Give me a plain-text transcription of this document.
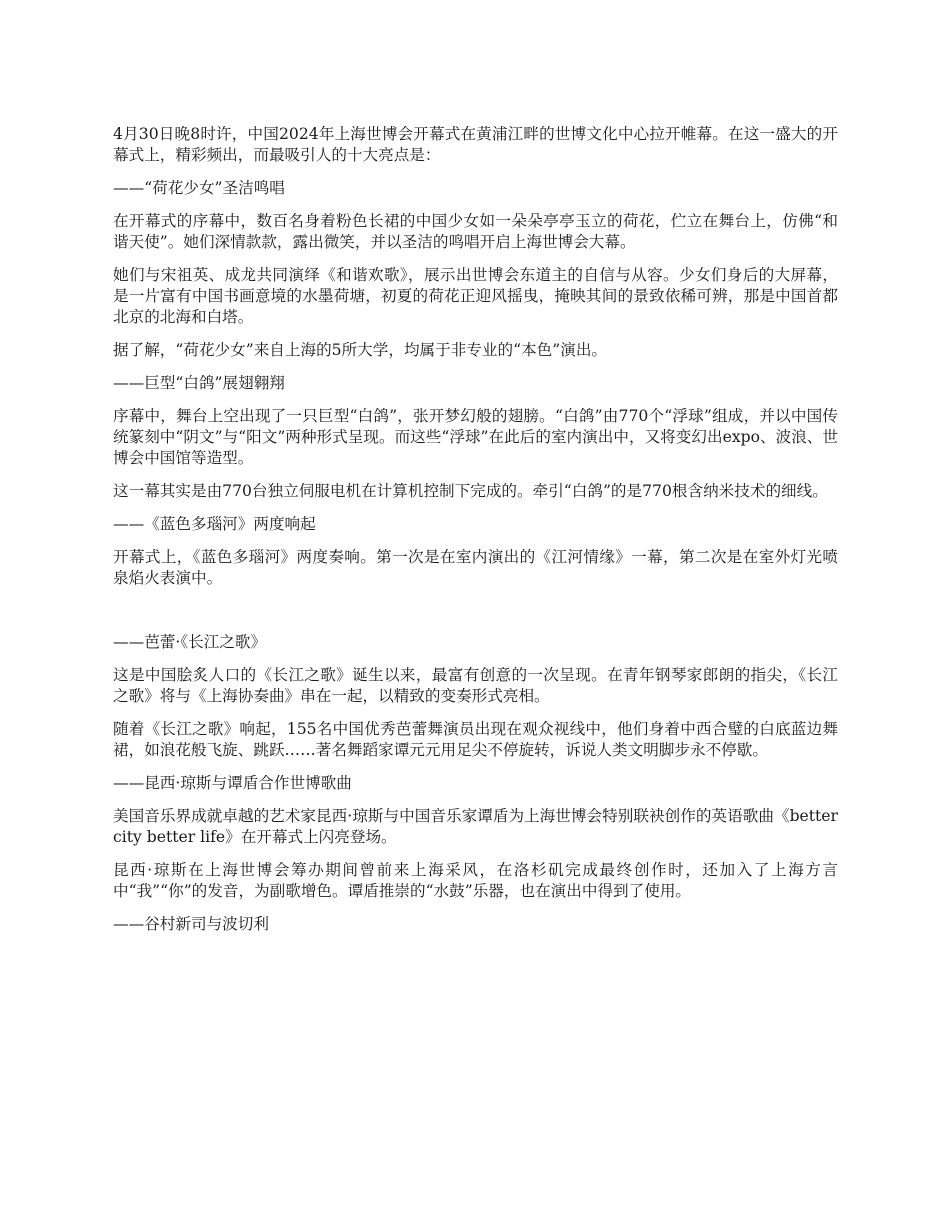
4月30日晚8时许，中国2024年上海世博会开幕式在黄浦江畔的世博文化中心拉开帷幕。在这一盛大的开幕式上，精彩频出，而最吸引人的十大亮点是：

——“荷花少女”圣洁鸣唱

在开幕式的序幕中，数百名身着粉色长裙的中国少女如一朵朵亭亭玉立的荷花，伫立在舞台上，仿佛“和谐天使”。她们深情款款，露出微笑，并以圣洁的鸣唱开启上海世博会大幕。

她们与宋祖英、成龙共同演绎《和谐欢歌》，展示出世博会东道主的自信与从容。少女们身后的大屏幕，是一片富有中国书画意境的水墨荷塘，初夏的荷花正迎风摇曳，掩映其间的景致依稀可辨，那是中国首都北京的北海和白塔。

据了解，“荷花少女”来自上海的5所大学，均属于非专业的“本色”演出。

——巨型“白鸽”展翅翱翔

序幕中，舞台上空出现了一只巨型“白鸽”，张开梦幻般的翅膀。“白鸽”由770个“浮球”组成，并以中国传统篆刻中“阴文”与“阳文”两种形式呈现。而这些“浮球”在此后的室内演出中，又将变幻出expo、波浪、世博会中国馆等造型。

这一幕其实是由770台独立伺服电机在计算机控制下完成的。牵引“白鸽”的是770根含纳米技术的细线。

——《蓝色多瑙河》两度响起

开幕式上，《蓝色多瑙河》两度奏响。第一次是在室内演出的《江河情缘》一幕，第二次是在室外灯光喷泉焰火表演中。

——芭蕾·《长江之歌》

这是中国脍炙人口的《长江之歌》诞生以来，最富有创意的一次呈现。在青年钢琴家郎朗的指尖，《长江之歌》将与《上海协奏曲》串在一起，以精致的变奏形式亮相。

随着《长江之歌》响起，155名中国优秀芭蕾舞演员出现在观众视线中，他们身着中西合璧的白底蓝边舞裙，如浪花般飞旋、跳跃……著名舞蹈家谭元元用足尖不停旋转，诉说人类文明脚步永不停歇。

——昆西·琼斯与谭盾合作世博歌曲

美国音乐界成就卓越的艺术家昆西·琼斯与中国音乐家谭盾为上海世博会特别联袂创作的英语歌曲《better city better life》在开幕式上闪亮登场。

昆西·琼斯在上海世博会筹办期间曾前来上海采风，在洛杉矶完成最终创作时，还加入了上海方言中“我”“你”的发音，为副歌增色。谭盾推崇的“水鼓”乐器，也在演出中得到了使用。

——谷村新司与波切利
